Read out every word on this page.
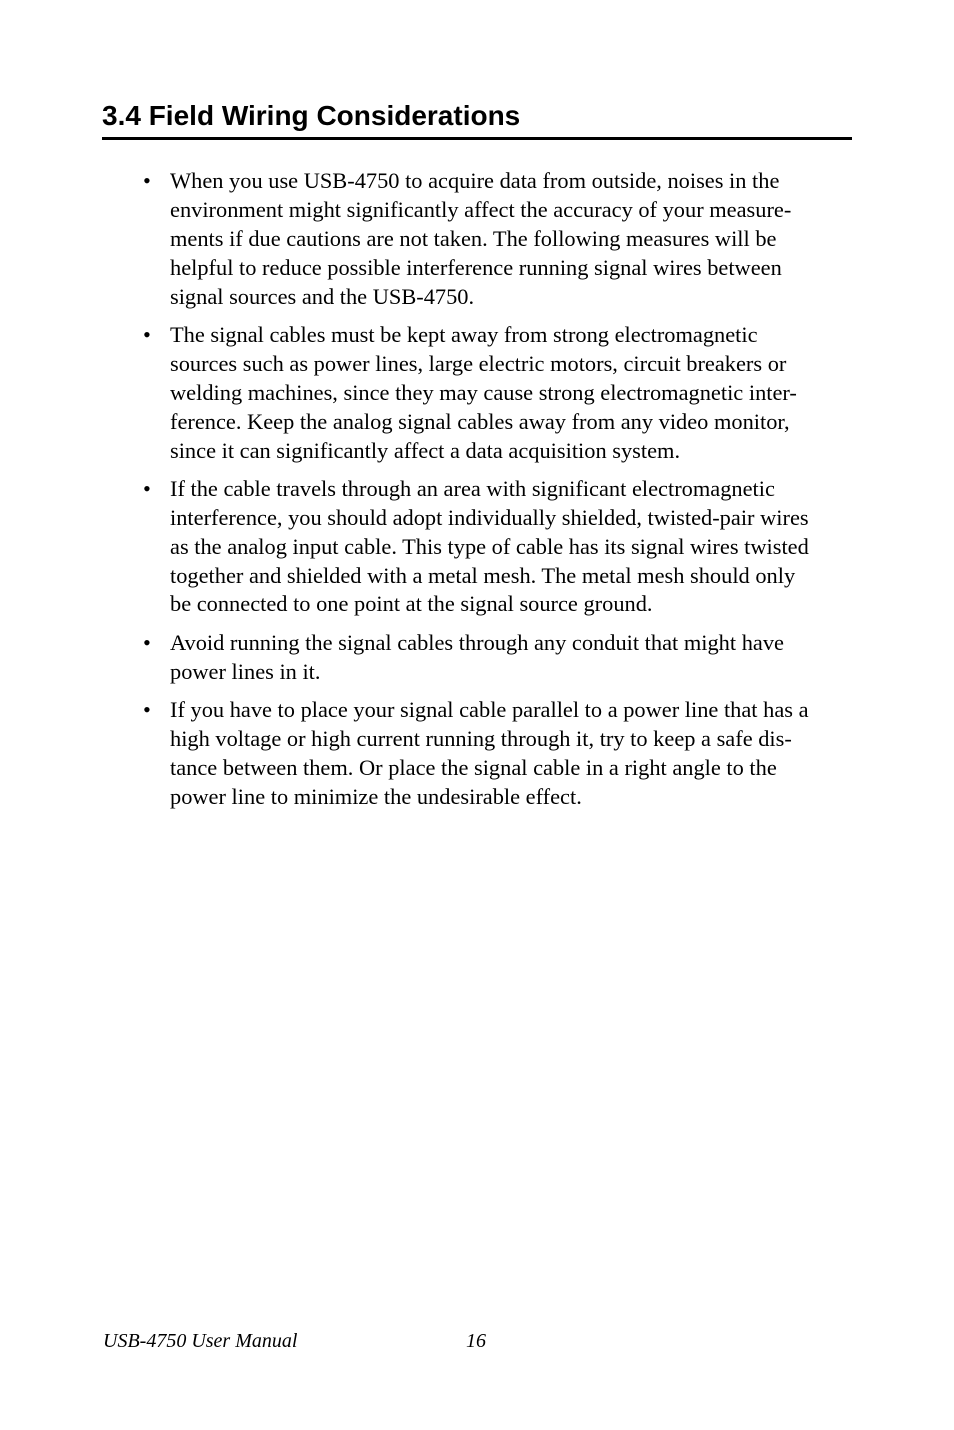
3.4 Field Wiring Considerations
• When you use USB-4750 to acquire data from outside, noises in the
environment might significantly affect the accuracy of your measure-
ments if due cautions are not taken. The following measures will be
helpful to reduce possible interference running signal wires between
signal sources and the USB-4750.
• The signal cables must be kept away from strong electromagnetic
sources such as power lines, large electric motors, circuit breakers or
welding machines, since they may cause strong electromagnetic inter-
ference. Keep the analog signal cables away from any video monitor,
since it can significantly affect a data acquisition system.
• If the cable travels through an area with significant electromagnetic
interference, you should adopt individually shielded, twisted-pair wires
as the analog input cable. This type of cable has its signal wires twisted
together and shielded with a metal mesh. The metal mesh should only
be connected to one point at the signal source ground.
• Avoid running the signal cables through any conduit that might have
power lines in it.
• If you have to place your signal cable parallel to a power line that has a
high voltage or high current running through it, try to keep a safe dis-
tance between them. Or place the signal cable in a right angle to the
power line to minimize the undesirable effect.
USB-4750 User Manual	16
